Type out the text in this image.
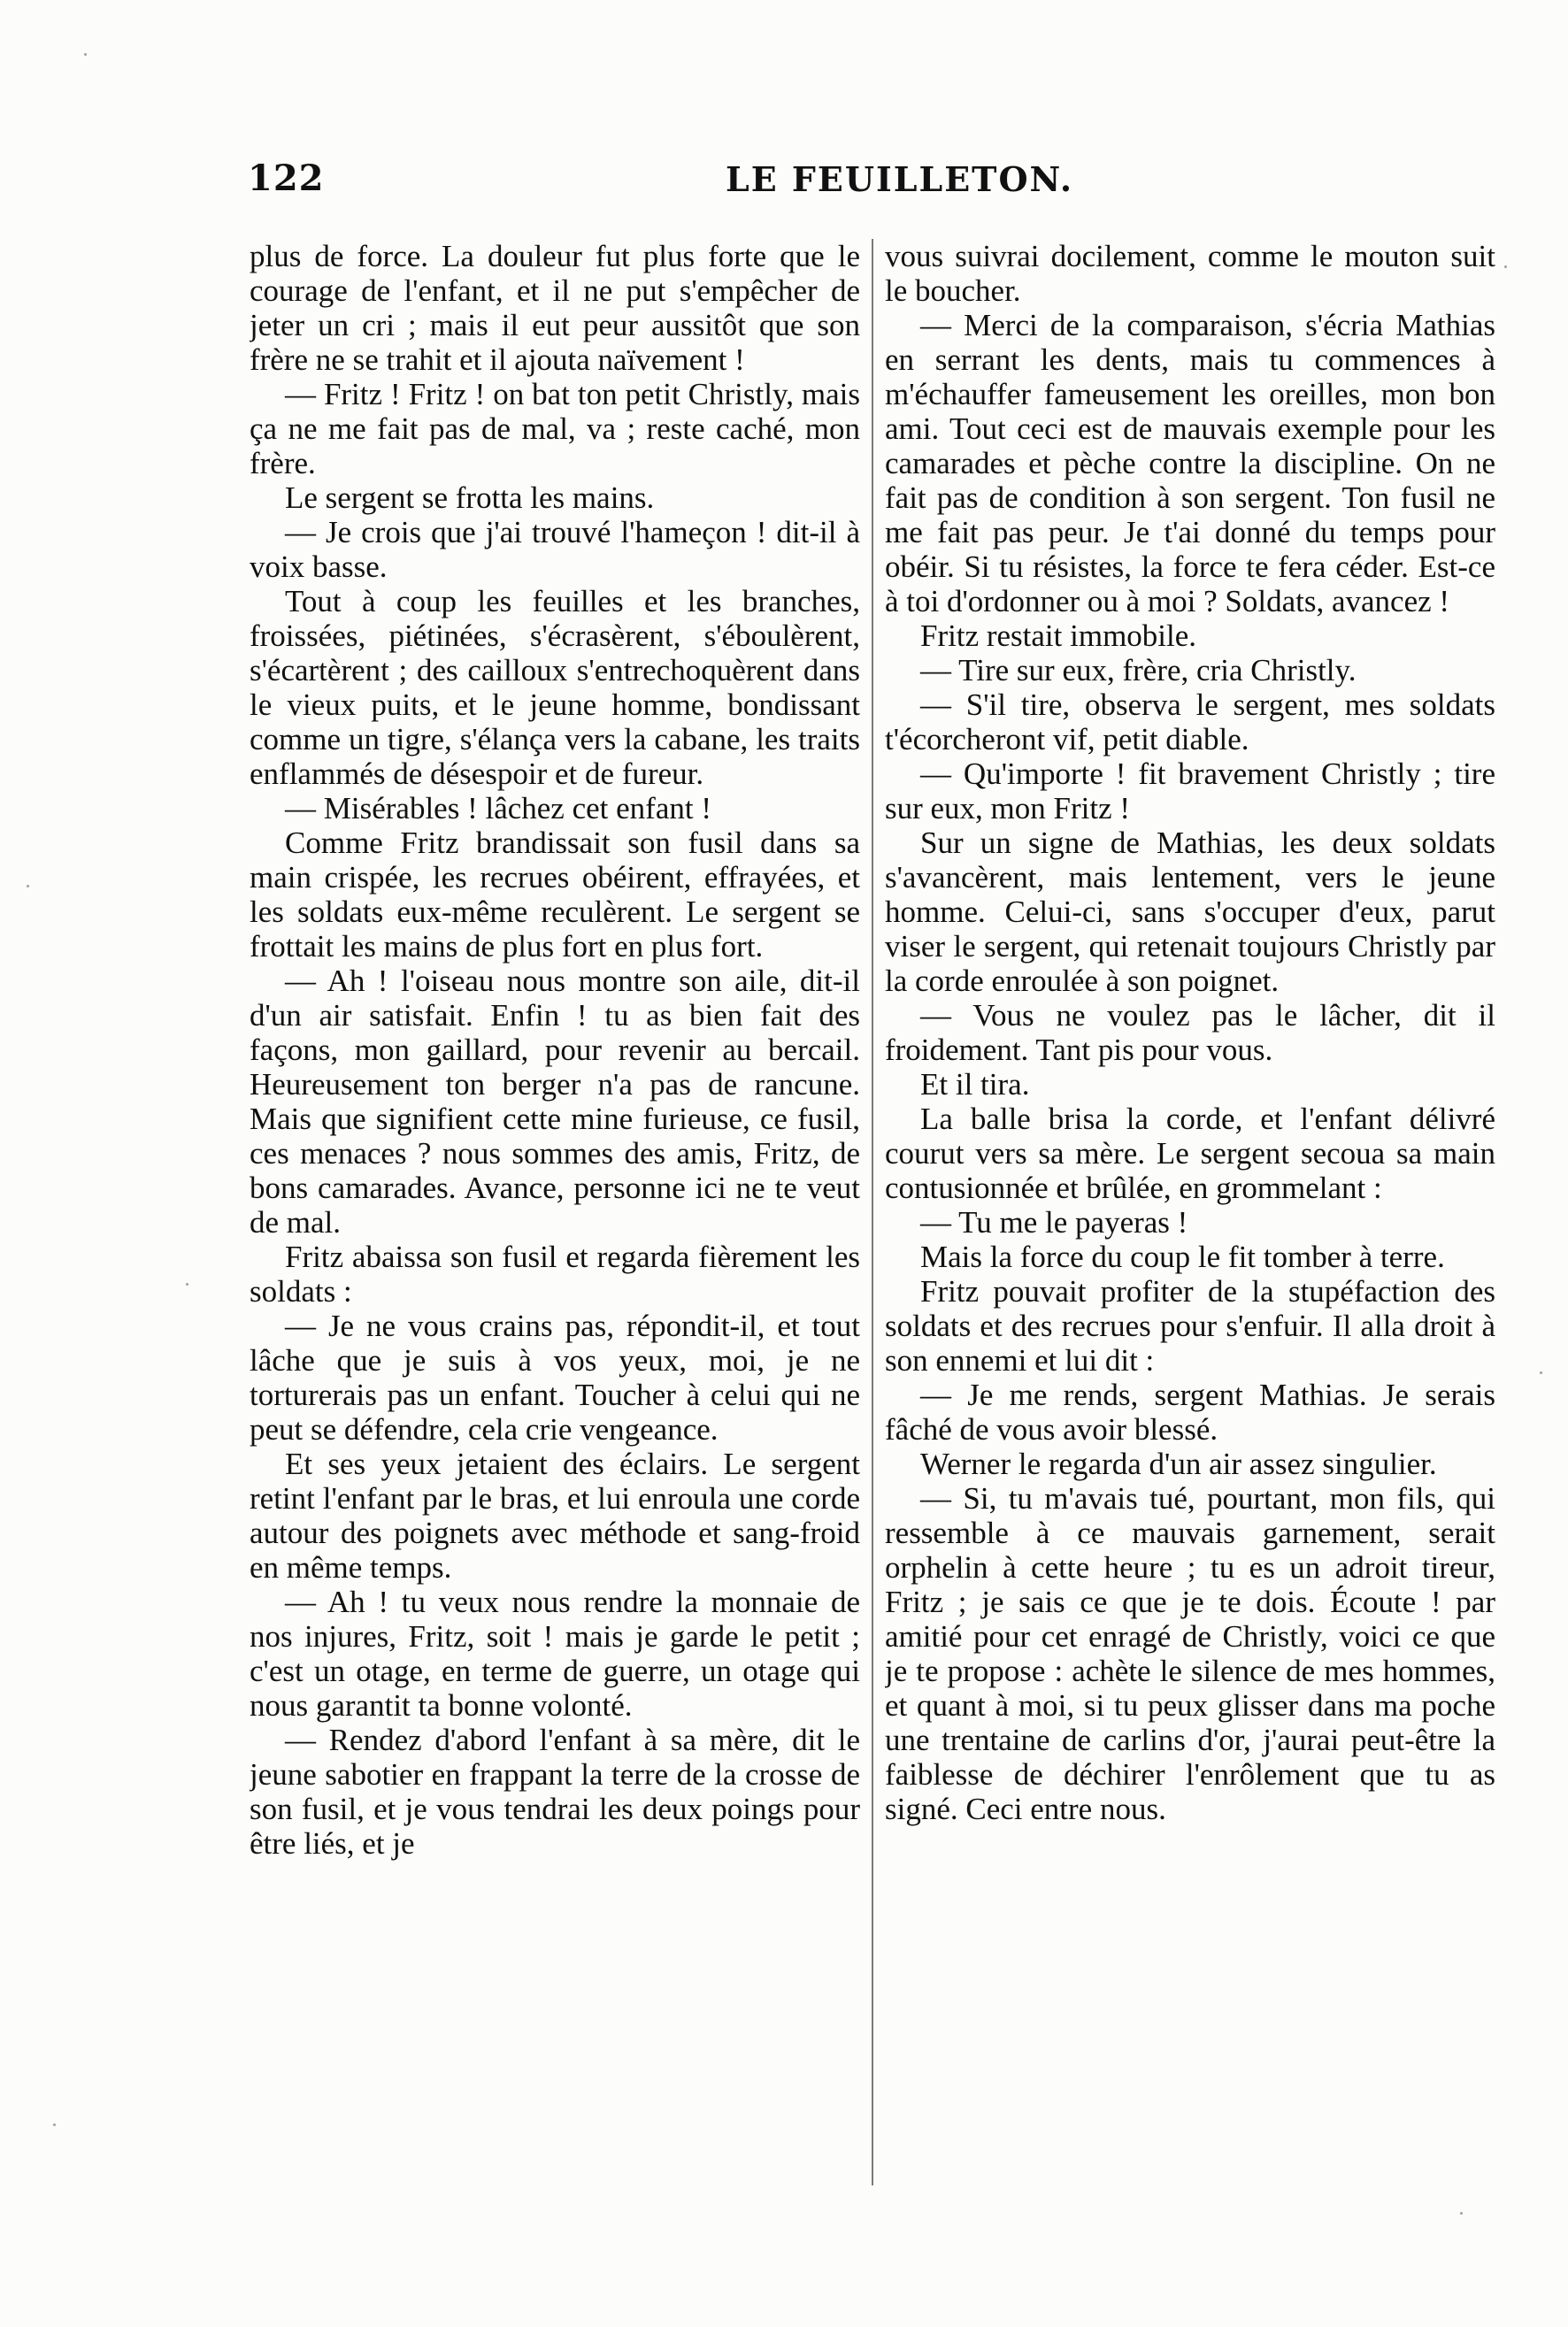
122	LE FEUILLETON.

plus de force. La douleur fut plus forte que le courage de l'enfant, et il ne put s'empêcher de jeter un cri ; mais il eut peur aussitôt que son frère ne se trahit et il ajouta naïvement !

— Fritz ! Fritz ! on bat ton petit Christly, mais ça ne me fait pas de mal, va ; reste caché, mon frère.

Le sergent se frotta les mains.

— Je crois que j'ai trouvé l'hameçon ! dit-il à voix basse.

Tout à coup les feuilles et les branches, froissées, piétinées, s'écrasèrent, s'éboulèrent, s'écartèrent ; des cailloux s'entrechoquèrent dans le vieux puits, et le jeune homme, bondissant comme un tigre, s'élança vers la cabane, les traits enflammés de désespoir et de fureur.

— Misérables ! lâchez cet enfant !

Comme Fritz brandissait son fusil dans sa main crispée, les recrues obéirent, effrayées, et les soldats eux-même reculèrent. Le sergent se frottait les mains de plus fort en plus fort.

— Ah ! l'oiseau nous montre son aile, dit-il d'un air satisfait. Enfin ! tu as bien fait des façons, mon gaillard, pour revenir au bercail. Heureusement ton berger n'a pas de rancune. Mais que signifient cette mine furieuse, ce fusil, ces menaces ? nous sommes des amis, Fritz, de bons camarades. Avance, personne ici ne te veut de mal.

Fritz abaissa son fusil et regarda fièrement les soldats :

— Je ne vous crains pas, répondit-il, et tout lâche que je suis à vos yeux, moi, je ne torturerais pas un enfant. Toucher à celui qui ne peut se défendre, cela crie vengeance.

Et ses yeux jetaient des éclairs. Le sergent retint l'enfant par le bras, et lui enroula une corde autour des poignets avec méthode et sang-froid en même temps.

— Ah ! tu veux nous rendre la monnaie de nos injures, Fritz, soit ! mais je garde le petit ; c'est un otage, en terme de guerre, un otage qui nous garantit ta bonne volonté.

— Rendez d'abord l'enfant à sa mère, dit le jeune sabotier en frappant la terre de la crosse de son fusil, et je vous tendrai les deux poings pour être liés, et je

vous suivrai docilement, comme le mouton suit le boucher.

— Merci de la comparaison, s'écria Mathias en serrant les dents, mais tu commences à m'échauffer fameusement les oreilles, mon bon ami. Tout ceci est de mauvais exemple pour les camarades et pèche contre la discipline. On ne fait pas de condition à son sergent. Ton fusil ne me fait pas peur. Je t'ai donné du temps pour obéir. Si tu résistes, la force te fera céder. Est-ce à toi d'ordonner ou à moi ? Soldats, avancez !

Fritz restait immobile.

— Tire sur eux, frère, cria Christly.

— S'il tire, observa le sergent, mes soldats t'écorcheront vif, petit diable.

— Qu'importe ! fit bravement Christly ; tire sur eux, mon Fritz !

Sur un signe de Mathias, les deux soldats s'avancèrent, mais lentement, vers le jeune homme. Celui-ci, sans s'occuper d'eux, parut viser le sergent, qui retenait toujours Christly par la corde enroulée à son poignet.

— Vous ne voulez pas le lâcher, dit il froidement. Tant pis pour vous.

Et il tira.

La balle brisa la corde, et l'enfant délivré courut vers sa mère. Le sergent secoua sa main contusionnée et brûlée, en grommelant :

— Tu me le payeras !

Mais la force du coup le fit tomber à terre.

Fritz pouvait profiter de la stupéfaction des soldats et des recrues pour s'enfuir. Il alla droit à son ennemi et lui dit :

— Je me rends, sergent Mathias. Je serais fâché de vous avoir blessé.

Werner le regarda d'un air assez singulier.

— Si, tu m'avais tué, pourtant, mon fils, qui ressemble à ce mauvais garnement, serait orphelin à cette heure ; tu es un adroit tireur, Fritz ; je sais ce que je te dois. Écoute ! par amitié pour cet enragé de Christly, voici ce que je te propose : achète le silence de mes hommes, et quant à moi, si tu peux glisser dans ma poche une trentaine de carlins d'or, j'aurai peut-être la faiblesse de déchirer l'enrôlement que tu as signé. Ceci entre nous.
